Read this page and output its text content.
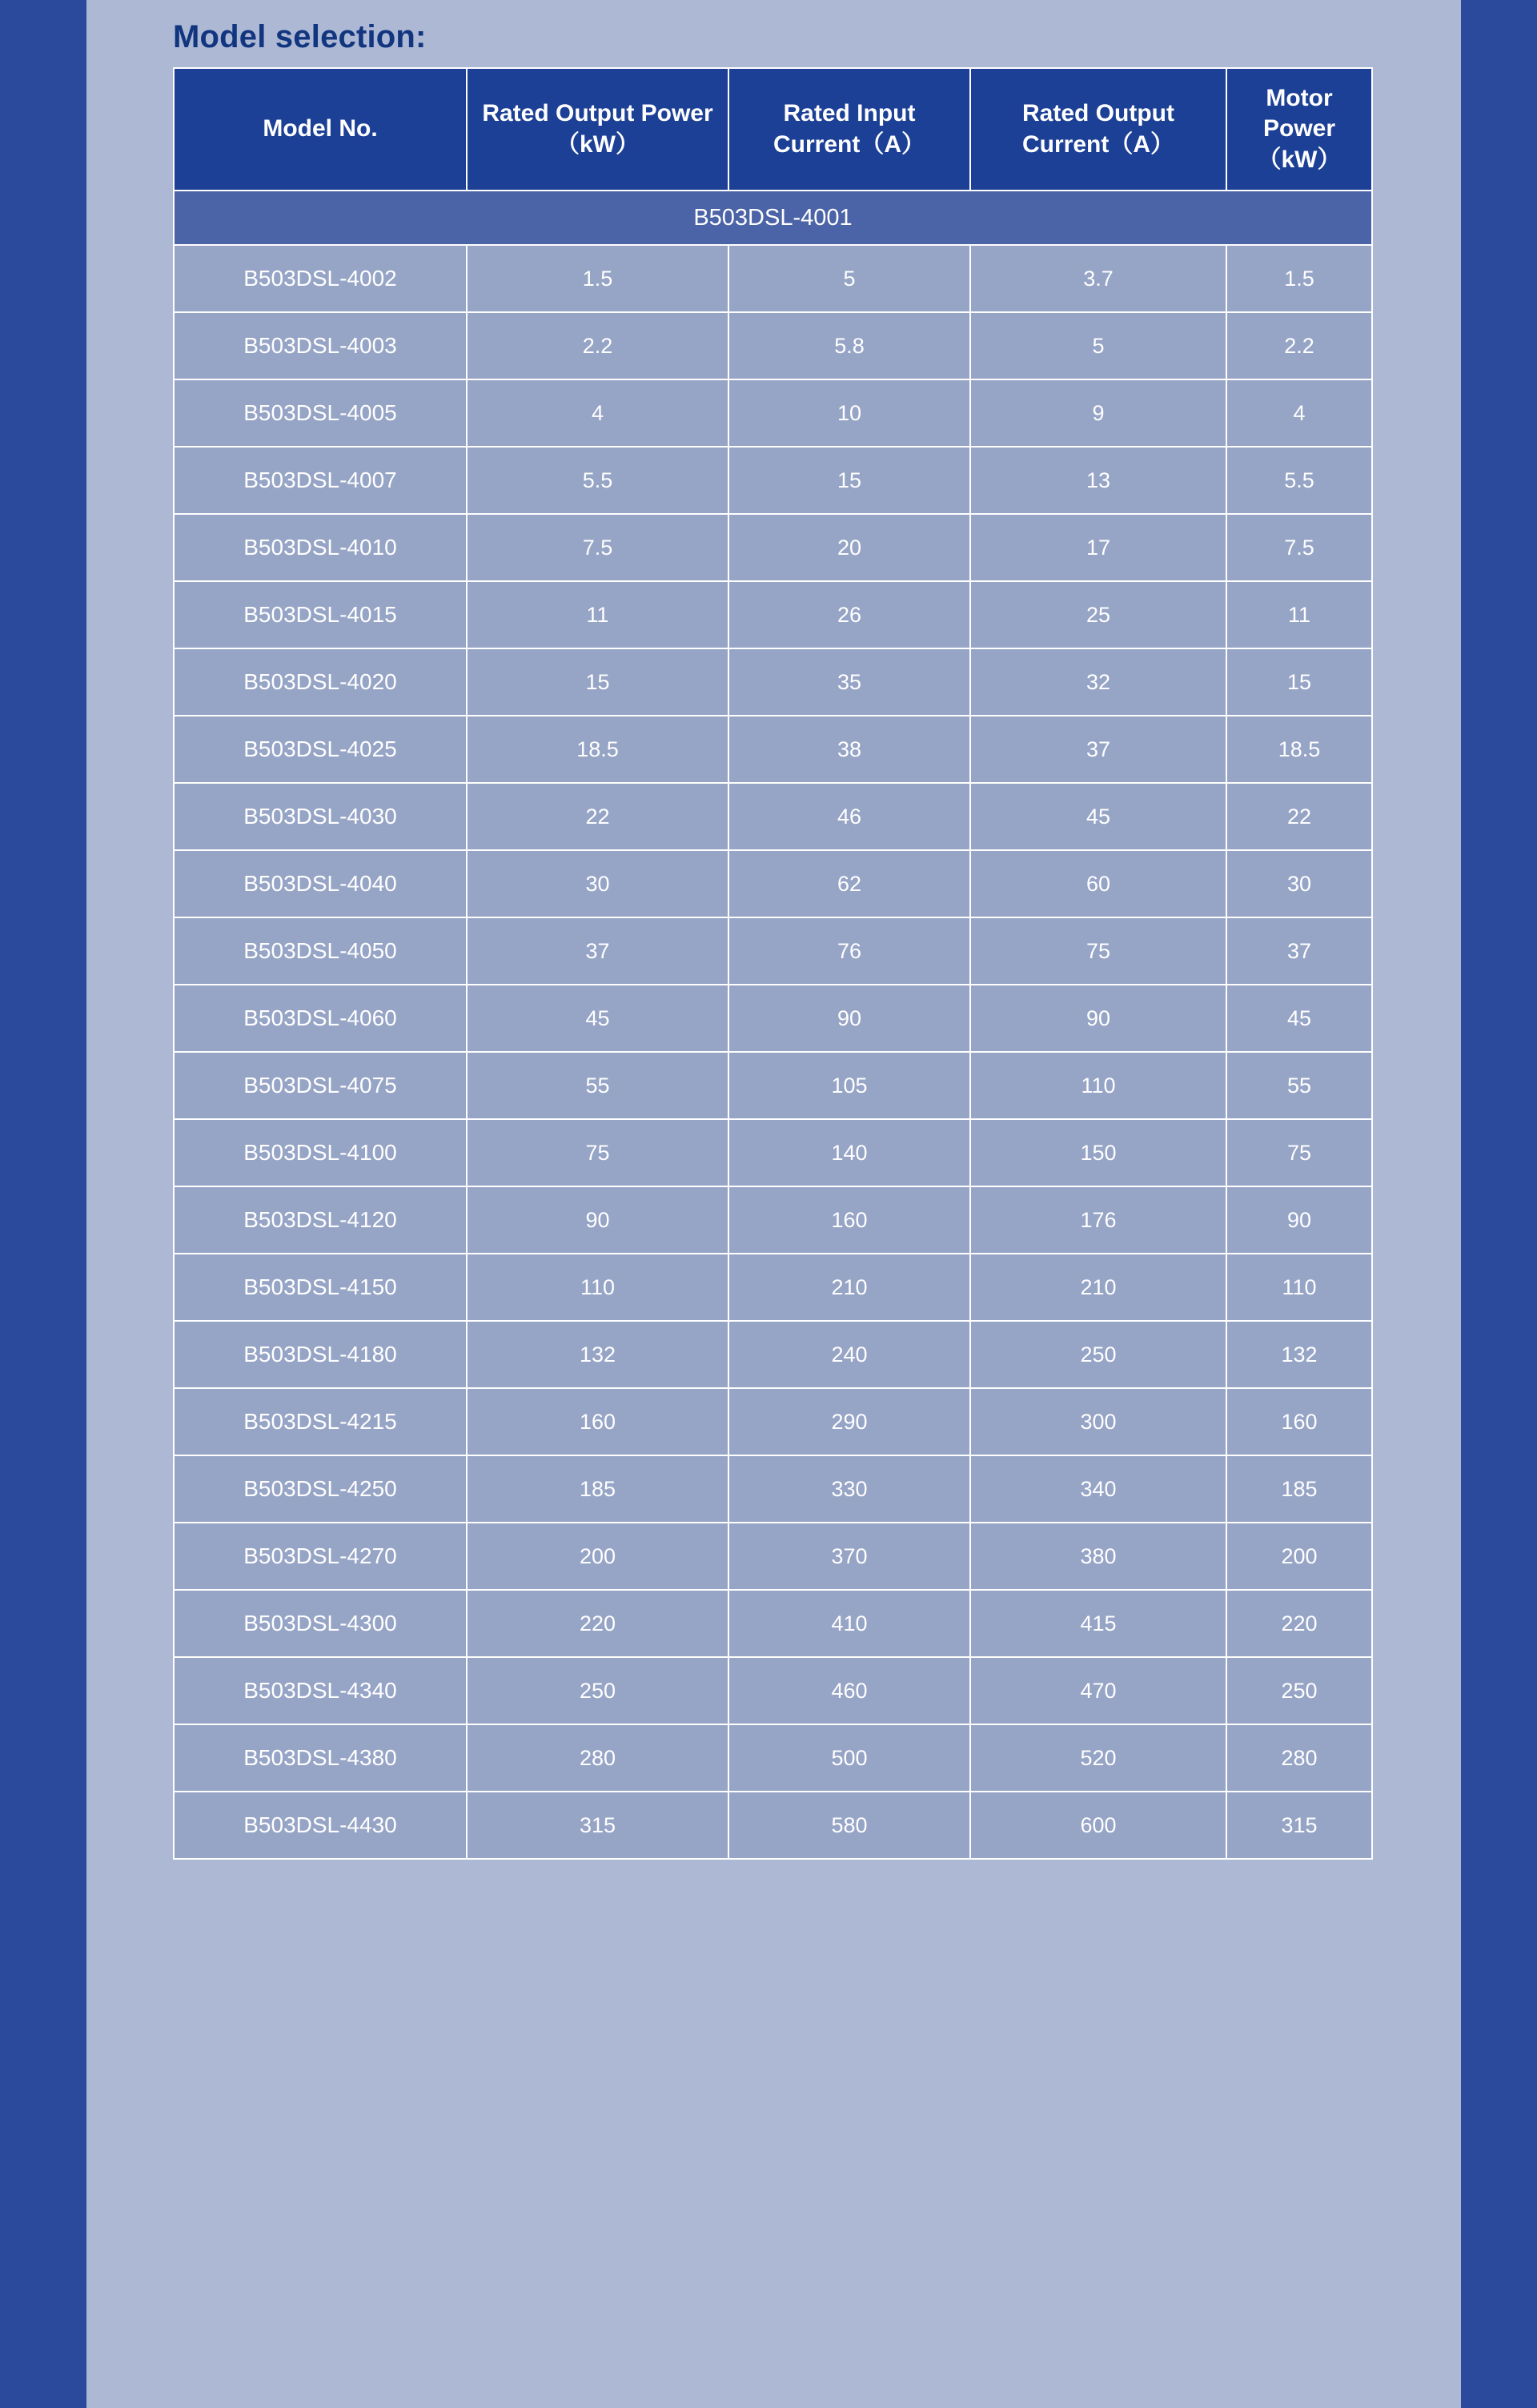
Model selection:
Model No.	Rated Output Power（kW）	Rated Input Current（A）	Rated Output Current（A）	Motor Power（kW）
B503DSL-4001				
B503DSL-4002	1.5	5	3.7	1.5
B503DSL-4003	2.2	5.8	5	2.2
B503DSL-4005	4	10	9	4
B503DSL-4007	5.5	15	13	5.5
B503DSL-4010	7.5	20	17	7.5
B503DSL-4015	11	26	25	11
B503DSL-4020	15	35	32	15
B503DSL-4025	18.5	38	37	18.5
B503DSL-4030	22	46	45	22
B503DSL-4040	30	62	60	30
B503DSL-4050	37	76	75	37
B503DSL-4060	45	90	90	45
B503DSL-4075	55	105	110	55
B503DSL-4100	75	140	150	75
B503DSL-4120	90	160	176	90
B503DSL-4150	110	210	210	110
B503DSL-4180	132	240	250	132
B503DSL-4215	160	290	300	160
B503DSL-4250	185	330	340	185
B503DSL-4270	200	370	380	200
B503DSL-4300	220	410	415	220
B503DSL-4340	250	460	470	250
B503DSL-4380	280	500	520	280
B503DSL-4430	315	580	600	315
